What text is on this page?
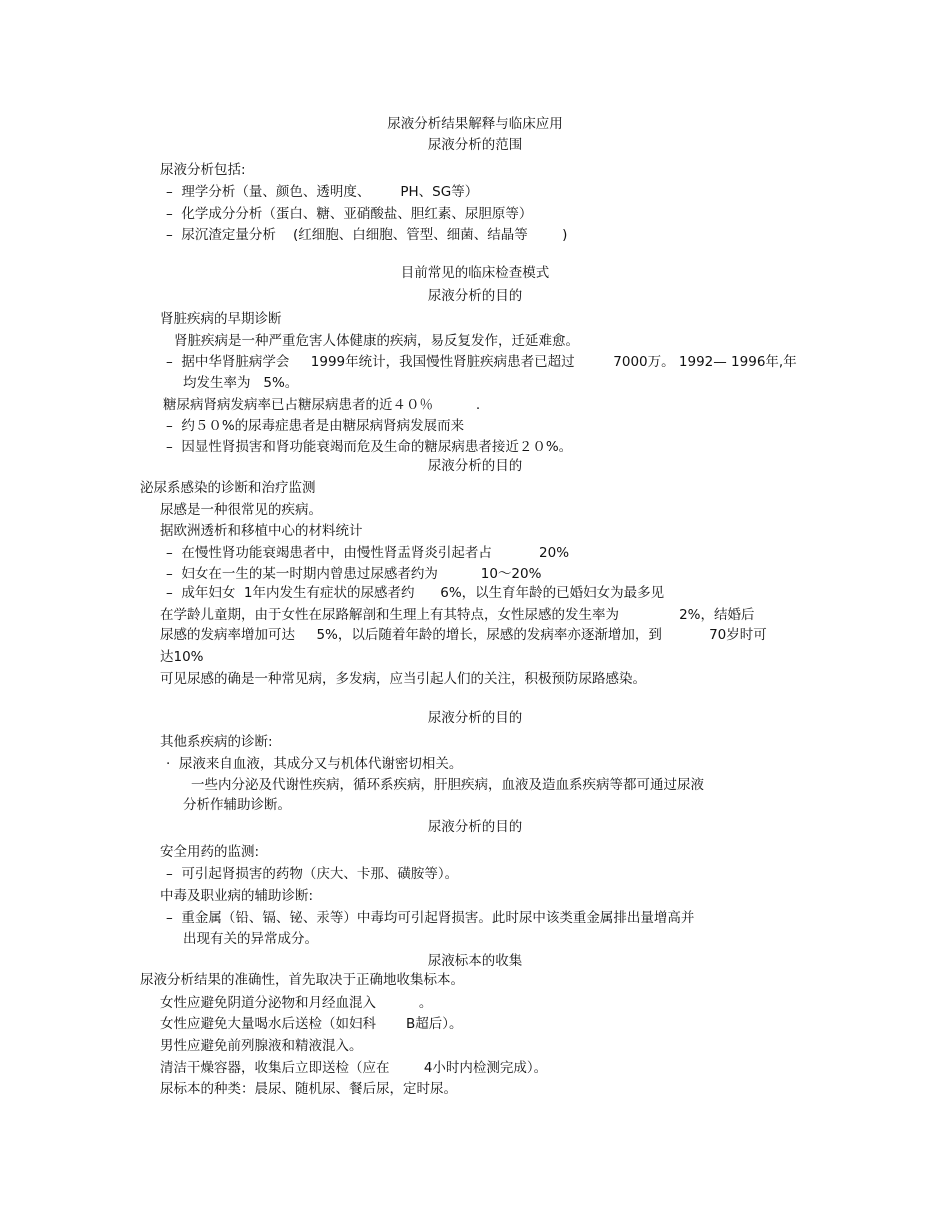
尿液分析结果解释与临床应用
尿液分析的范围
尿液分析包括:
–  理学分析（量、颜色、透明度、       PH、SG等）
–  化学成分分析（蛋白、糖、亚硝酸盐、胆红素、尿胆原等）
–  尿沉渣定量分析    (红细胞、白细胞、管型、细菌、结晶等        )
目前常见的临床检查模式
尿液分析的目的
肾脏疾病的早期诊断
肾脏疾病是一种严重危害人体健康的疾病，易反复发作，迁延难愈。
–  据中华肾脏病学会     1999年统计，我国慢性肾脏疾病患者已超过         7000万。 1992— 1996年,年
均发生率为   5%。
糖尿病肾病发病率已占糖尿病患者的近４０％          .
–  约５０%的尿毒症患者是由糖尿病肾病发展而来
–  因显性肾损害和肾功能衰竭而危及生命的糖尿病患者接近２０%。
尿液分析的目的
泌尿系感染的诊断和治疗监测
尿感是一种很常见的疾病。
据欧洲透析和移植中心的材料统计
–  在慢性肾功能衰竭患者中，由慢性肾盂肾炎引起者占           20%
–  妇女在一生的某一时期内曾患过尿感者约为          10～20%
–  成年妇女  1年内发生有症状的尿感者约      6%，以生育年龄的已婚妇女为最多见
在学龄儿童期，由于女性在尿路解剖和生理上有其特点，女性尿感的发生率为              2%，结婚后
尿感的发病率增加可达     5%，以后随着年龄的增长，尿感的发病率亦逐渐增加，到           70岁时可
达10%
可见尿感的确是一种常见病，多发病，应当引起人们的关注，积极预防尿路感染。
尿液分析的目的
其他系疾病的诊断:
·  尿液来自血液，其成分又与机体代谢密切相关。
一些内分泌及代谢性疾病，循环系疾病，肝胆疾病，血液及造血系疾病等都可通过尿液
分析作辅助诊断。
尿液分析的目的
安全用药的监测:
–  可引起肾损害的药物（庆大、卡那、磺胺等）。
中毒及职业病的辅助诊断:
–  重金属（铅、镉、铋、汞等）中毒均可引起肾损害。此时尿中该类重金属排出量增高并
出现有关的异常成分。
尿液标本的收集
尿液分析结果的准确性，首先取决于正确地收集标本。
女性应避免阴道分泌物和月经血混入          。
女性应避免大量喝水后送检（如妇科       B超后）。
男性应避免前列腺液和精液混入。
清洁干燥容器，收集后立即送检（应在        4小时内检测完成）。
尿标本的种类：晨尿、随机尿、餐后尿，定时尿。
